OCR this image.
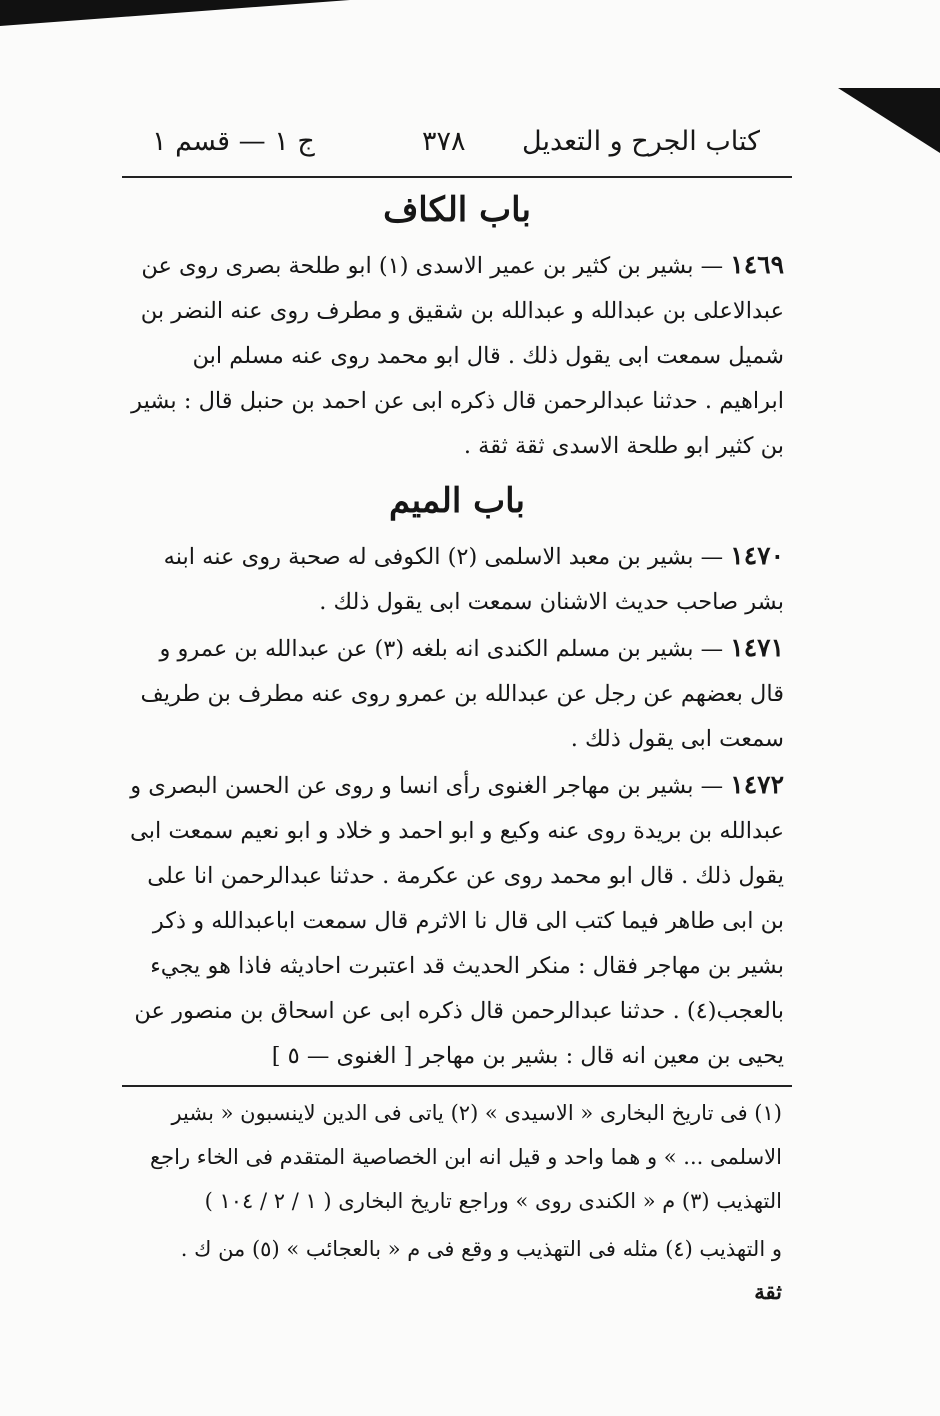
كتاب الجرح و التعديل
٣٧٨
ج ١ — قسم ١
باب الكاف
١٤٦٩ — بشير بن كثير بن عمير الاسدى (١) ابو طلحة بصرى روى عن عبدالاعلى بن عبدالله و عبدالله بن شقيق و مطرف روى عنه النضر بن شميل سمعت ابى يقول ذلك . قال ابو محمد روى عنه مسلم ابن ابراهيم . حدثنا عبدالرحمن قال ذكره ابى عن احمد بن حنبل قال : بشير بن كثير ابو طلحة الاسدى ثقة ثقة .
باب الميم
١٤٧٠ — بشير بن معبد الاسلمى (٢) الكوفى له صحبة روى عنه ابنه بشر صاحب حديث الاشنان سمعت ابى يقول ذلك .
١٤٧١ — بشير بن مسلم الكندى انه بلغه (٣) عن عبدالله بن عمرو و قال بعضهم عن رجل عن عبدالله بن عمرو روى عنه مطرف بن طريف سمعت ابى يقول ذلك .
١٤٧٢ — بشير بن مهاجر الغنوى رأى انسا و روى عن الحسن البصرى و عبدالله بن بريدة روى عنه وكيع و ابو احمد و خلاد و ابو نعيم سمعت ابى يقول ذلك . قال ابو محمد روى عن عكرمة . حدثنا عبدالرحمن انا على بن ابى طاهر فيما كتب الى قال نا الاثرم قال سمعت اباعبدالله و ذكر بشير بن مهاجر فقال : منكر الحديث قد اعتبرت احاديثه فاذا هو يجيء بالعجب(٤) . حدثنا عبدالرحمن قال ذكره ابى عن اسحاق بن منصور عن يحيى بن معين انه قال : بشير بن مهاجر [ الغنوى — ٥ ]
(١) فى تاريخ البخارى « الاسيدى » (٢) ياتى فى الدين لاينسبون « بشير الاسلمى ... » و هما واحد و قيل انه ابن الخصاصية المتقدم فى الخاء راجع التهذيب (٣) م « الكندى روى » وراجع تاريخ البخارى ( ١ / ٢ / ١٠٤ )
و التهذيب (٤) مثله فى التهذيب و وقع فى م « بالعجائب » (٥) من ك .
ثقة
